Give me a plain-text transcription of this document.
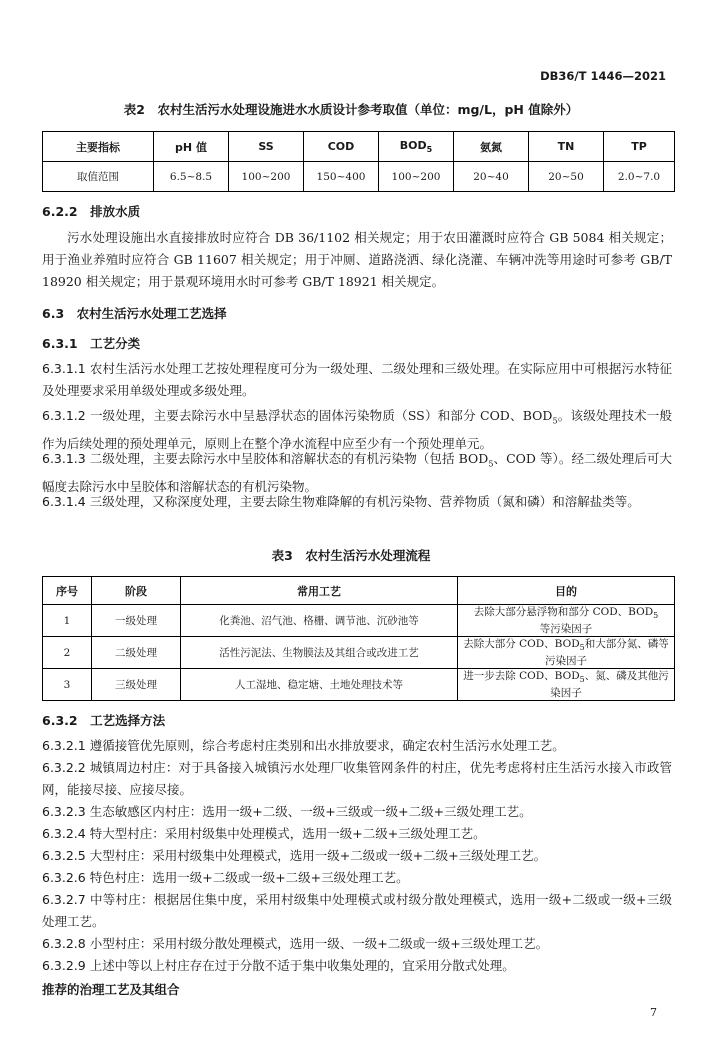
DB36/T 1446—2021
表2　农村生活污水处理设施进水水质设计参考取值（单位：mg/L，pH 值除外）
主要指标	pH 值	SS	COD	$BOD_5$	氨氮	TN	TP
取值范围	6.5~8.5	100~200	150~400	100~200	20~40	20~50	2.0~7.0
6.2.2　排放水质
污水处理设施出水直接排放时应符合 DB 36/1102 相关规定；用于农田灌溉时应符合 GB 5084 相关规定；用于渔业养殖时应符合 GB 11607 相关规定；用于冲厕、道路浇洒、绿化浇灌、车辆冲洗等用途时可参考 GB/T 18920 相关规定；用于景观环境用水时可参考 GB/T 18921 相关规定。
6.3　农村生活污水处理工艺选择
6.3.1　工艺分类
6.3.1.1 农村生活污水处理工艺按处理程度可分为一级处理、二级处理和三级处理。在实际应用中可根据污水特征及处理要求采用单级处理或多级处理。
6.3.1.2 一级处理，主要去除污水中呈悬浮状态的固体污染物质（SS）和部分 COD、$BOD_5$。该级处理技术一般作为后续处理的预处理单元，原则上在整个净水流程中应至少有一个预处理单元。
6.3.1.3 二级处理，主要去除污水中呈胶体和溶解状态的有机污染物（包括 $BOD_5$、COD 等）。经二级处理后可大幅度去除污水中呈胶体和溶解状态的有机污染物。
6.3.1.4 三级处理，又称深度处理，主要去除生物难降解的有机污染物、营养物质（氮和磷）和溶解盐类等。
表3　农村生活污水处理流程
序号	阶段	常用工艺	目的
1	一级处理	化粪池、沼气池、格栅、调节池、沉砂池等	去除大部分悬浮物和部分 COD、$BOD_5$
等污染因子
2	二级处理	活性污泥法、生物膜法及其组合或改进工艺	去除大部分 COD、$BOD_5$和大部分氮、磷等污染因子
3	三级处理	人工湿地、稳定塘、土地处理技术等	进一步去除 COD、$BOD_5$、氮、磷及其他污染因子
6.3.2　工艺选择方法
6.3.2.1 遵循接管优先原则，综合考虑村庄类别和出水排放要求，确定农村生活污水处理工艺。
6.3.2.2 城镇周边村庄：对于具备接入城镇污水处理厂收集管网条件的村庄，优先考虑将村庄生活污水接入市政管网，能接尽接、应接尽接。
6.3.2.3 生态敏感区内村庄：选用一级+二级、一级+三级或一级+二级+三级处理工艺。
6.3.2.4 特大型村庄：采用村级集中处理模式，选用一级+二级+三级处理工艺。
6.3.2.5 大型村庄：采用村级集中处理模式，选用一级+二级或一级+二级+三级处理工艺。
6.3.2.6 特色村庄：选用一级+二级或一级+二级+三级处理工艺。
6.3.2.7 中等村庄：根据居住集中度，采用村级集中处理模式或村级分散处理模式，选用一级+二级或一级+三级处理工艺。
6.3.2.8 小型村庄：采用村级分散处理模式，选用一级、一级+二级或一级+三级处理工艺。
6.3.2.9 上述中等以上村庄存在过于分散不适于集中收集处理的，宜采用分散式处理。
推荐的治理工艺及其组合
7
